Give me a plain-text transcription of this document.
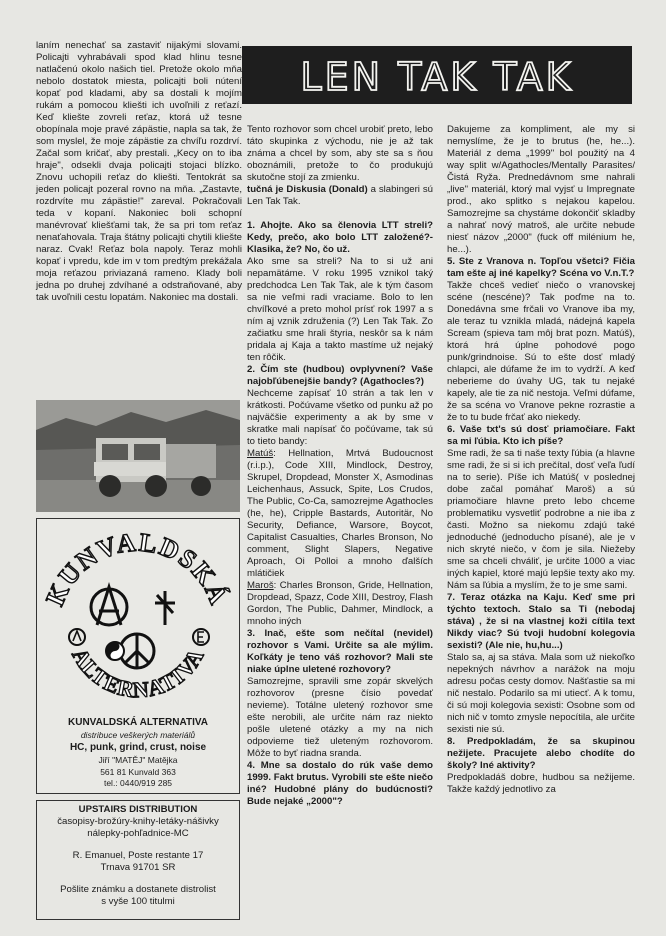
laním nenechať sa zastaviť nijakými slovami. Policajti vyhrabávali spod klad hlinu tesne natlačenú okolo našich tiel. Pretože okolo mňa nebolo dostatok miesta, policajti boli nútení kopať pod kladami, aby sa dostali k mojím rukám a pomocou kliešti ich uvoľnili z reťazí. Keď kliešte zovreli reťaz, ktorá už tesne obopínala moje pravé zápästie, napla sa tak, že som myslel, že moje zápästie za chvíľu rozdrví. Začal som kričať, aby prestali. „Kecy on to iba hraje", odsekli dvaja policajti stojaci blízko. Znovu uchopili reťaz do kliešti. Tentokrát sa jeden policajt pozeral rovno na mňa. „Zastavte, rozdrvíte mu zápästie!" zareval. Pokračovali teda v kopaní. Nakoniec boli schopní manévrovať kliešťami tak, že sa pri tom reťaz nenaťahovala. Traja štátny policajti chytili kliešte naraz. Cvak! Reťaz bola napoly. Teraz mohli kopať i vpredu, kde im v tom predtým prekážala moja reťazou priviazaná rameno. Klady boli jedna po druhej zdvíhané a odstraňované, aby tak uvoľnili cestu lopatám. Nakoniec ma dostali.

KUNVALDSKÁ
ALTERNATIVA
KUNVALDSKÁ ALTERNATIVA
distribuce veškerých materiálů
HC, punk, grind, crust, noise
Jiří "MATĚJ" Matějka
561 81 Kunvald 363
tel.: 0440/919 285

UPSTAIRS DISTRIBUTION

časopisy-brožúry-knihy-letáky-nášivky

nálepky-pohľadnice-MC

R. Emanuel, Poste restante 17

Trnava 91701 SR

Pošlite známku a dostanete distrolist

s vyše 100 titulmi

LEN TAK TAK

Tento rozhovor som chcel urobiť preto, lebo táto skupinka z východu, nie je až tak známa a chcel by som, aby ste sa s ňou oboznámili, pretože to čo produkujú skutočne stojí za zmienku.

tučná je Diskusia (Donald) a slabingeri sú Len Tak Tak.

1. Ahojte. Ako sa členovia LTT streli? Kedy, prečo, ako bolo LTT založené?- Klasika, že? No, čo už.

Ako sme sa streli? Na to si už ani nepamätáme. V roku 1995 vznikol taký predchodca Len Tak Tak, ale k tým časom sa nie veľmi radi vraciame. Bolo to len chvíľkové a preto mohol prísť rok 1997 a s ním aj vznik združenia (?) Len Tak Tak. Zo začiatku sme hrali štyria, neskôr sa k nám pridala aj Kaja a takto mastíme už nejaký ten rôčik.

2. Čím ste (hudbou) ovplyvnení? Vaše najobľúbenejšie bandy? (Agathocles?)

Nechceme zapísať 10 strán a tak len v krátkosti. Počúvame všetko od punku až po najväčšie experimenty a ak by sme v skratke mali napísať čo počúvame, tak sú to tieto bandy:

Matúš: Hellnation, Mrtvá Budoucnost (r.i.p.), Code XIII, Mindlock, Destroy, Skrupel, Dropdead, Monster X, Asmodinas Leichenhaus, Assuck, Spite, Los Crudos, The Public, Co-Ca, samozrejme Agathocles (he, he), Cripple Bastards, Autoritär, No Security, Defiance, Warsore, Boycot, Capitalist Casualties, Charles Bronson, No comment, Slight Slapers, Negative Aproach, Oi Polloi a mnoho ďalších mlátičiek

Maroš: Charles Bronson, Gride, Hellnation, Dropdead, Spazz, Code XIII, Destroy, Flash Gordon, The Public, Dahmer, Mindlock, a mnoho iných

3. Inač, ešte som nečítal (nevidel) rozhovor s Vami. Určite sa ale mýlim. Koľkáty je teno váš rozhovor? Mali ste niake úplne uletené rozhovory?

Samozrejme, spravili sme zopár skvelých rozhovorov (presne čísio povedať nevieme). Totálne uletený rozhovor sme ešte nerobili, ale určite nám raz niekto pošle uletené otázky a my na nich odpovieme tiež uleteným rozhovorom. Môže to byť riadna sranda.

4. Mne sa dostalo do rúk vaše demo 1999. Fakt brutus. Vyrobili ste ešte niečo iné? Hudobné plány do budúcnosti? Bude nejaké „2000"?

Dakujeme za kompliment, ale my si nemyslíme, že je to brutus (he, he...). Materiál z dema „1999" bol použitý na 4 way split w/Agathocles/Mentally Parasites/Čistá Ryža. Prednedávnom sme nahrali „live" materiál, ktorý mal vyjsť u Impregnate prod., ako splitko s nejakou kapelou. Samozrejme sa chystáme dokončiť skladby a nahrať nový matroš, ale určite nebude niesť názov „2000" (fuck off milénium he, he...).

5. Ste z Vranova n. Topľou všetci? Fičia tam ešte aj iné kapelky? Scéna vo V.n.T.?

Takže chceš vedieť niečo o vranovskej scéne (nescéne)? Tak poďme na to. Donedávna sme frčali vo Vranove iba my, ale teraz tu vznikla mladá, nádejná kapela Scream (spieva tam môj brat pozn. Matúš), ktorá hrá úplne pohodové pogo punk/grindnoise. Sú to ešte dosť mladý chlapci, ale dúfame že im to vydrží. A keď neberieme do úvahy UG, tak tu nejaké kapely, ale tie za nič nestoja. Veľmi dúfame, že sa scéna vo Vranove pekne rozrastie a že to tu bude frčať ako niekedy.

6. Vaše txt's sú dosť priamočiare. Fakt sa mi ľúbia. Kto ich píše?

Sme radi, že sa ti naše texty ľúbia (a hlavne sme radi, že si si ich prečítal, dosť veľa ľudí na to serie). Píše ich Matúš( v poslednej dobe začal pomáhať Maroš) a sú priamočiare hlavne preto lebo chceme problematiku vysvetliť podrobne a nie iba z časti. Možno sa niekomu zdajú také jednoduché (jednoducho písané), ale je v nich skryté niečo, v čom je sila. Niežeby sme sa chceli chváliť, je určite 1000 a viac iných kapiel, ktoré majú lepšie texty ako my. Nám sa ľúbia a myslím, že to je sme sami.

7. Teraz otázka na Kaju. Keď sme pri týchto textoch. Stalo sa Ti (nebodaj stáva) , že si na vlastnej koži cítila text Nikdy viac? Sú tvoji hudobní kolegovia sexisti? (Ale nie, hu,hu...)

Stalo sa, aj sa stáva. Malа som už niekoľko nepekných návrhov a narážok na moju adresu počas cesty domov. Našťastie sa mi nič nestalo. Podarilo sa mi utiecť. A k tomu, či sú moji kolegovia sexisti: Osobne som od nich nič v tomto zmysle nepocítila, ale určite sexisti nie sú.

8. Predpokladám, že sa skupinou nežijete. Pracujete alebo chodíte do školy? Iné aktivity?

Predpokladáš dobre, hudbou sa nežijeme. Takže každý jednotlivo za
